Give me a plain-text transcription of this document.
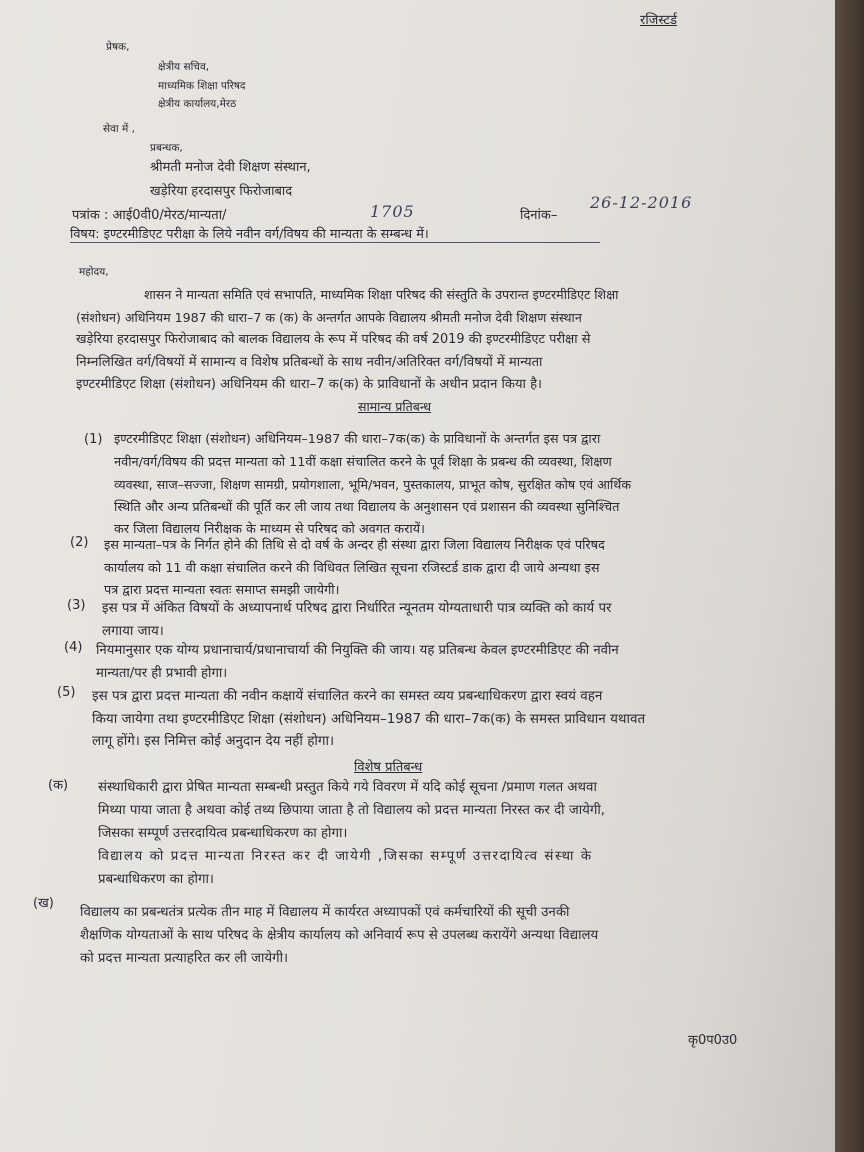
रजिस्टर्ड
प्रेषक,
क्षेत्रीय सचिव,
माध्यमिक शिक्षा परिषद
क्षेत्रीय कार्यालय,मेरठ
सेवा में ,
प्रबन्धक,
श्रीमती मनोज देवी शिक्षण संस्थान,
खड़ेरिया हरदासपुर फिरोजाबाद
पत्रांक : आई0वी0/मेरठ/मान्यता/	1705	दिनांक–
26-12-2016
विषय: इण्टरमीडिएट परीक्षा के लिये नवीन वर्ग/विषय की मान्यता के सम्बन्ध में।
महोदय,
शासन ने मान्यता समिति एवं सभापति, माध्यमिक शिक्षा परिषद की संस्तुति के उपरान्त इण्टरमीडिएट शिक्षा
(संशोधन) अधिनियम 1987 की धारा–7 क (क) के अन्तर्गत आपके विद्यालय श्रीमती मनोज देवी शिक्षण संस्थान
खड़ेरिया हरदासपुर फिरोजाबाद को बालक विद्यालय के रूप में परिषद की वर्ष 2019 की इण्टरमीडिएट परीक्षा से
निम्नलिखित वर्ग/विषयों में सामान्य व विशेष प्रतिबन्धों के साथ नवीन/अतिरिक्त वर्ग/विषयों में मान्यता
इण्टरमीडिएट शिक्षा (संशोधन) अधिनियम की धारा–7 क(क) के प्राविधानों के अधीन प्रदान किया है।
सामान्य प्रतिबन्ध
(1) इण्टरमीडिएट शिक्षा (संशोधन) अधिनियम–1987 की धारा–7क(क) के प्राविधानों के अन्तर्गत इस पत्र द्वारा
नवीन/वर्ग/विषय की प्रदत्त मान्यता को 11वीं कक्षा संचालित करने के पूर्व शिक्षा के प्रबन्ध की व्यवस्था, शिक्षण
व्यवस्था, साज–सज्जा, शिक्षण सामग्री, प्रयोगशाला, भूमि/भवन, पुस्तकालय, प्राभूत कोष, सुरक्षित कोष एवं आर्थिक
स्थिति और अन्य प्रतिबन्धों की पूर्ति कर ली जाय तथा विद्यालय के अनुशासन एवं प्रशासन की व्यवस्था सुनिश्चित
कर जिला विद्यालय निरीक्षक के माध्यम से परिषद को अवगत करायें।
(2) इस मान्यता–पत्र के निर्गत होने की तिथि से दो वर्ष के अन्दर ही संस्था द्वारा जिला विद्यालय निरीक्षक एवं परिषद
कार्यालय को 11 वी कक्षा संचालित करने की विधिवत लिखित सूचना रजिस्टर्ड डाक द्वारा दी जाये अन्यथा इस
पत्र द्वारा प्रदत्त मान्यता स्वतः समाप्त समझी जायेगी।
(3) इस पत्र में अंकित विषयों के अध्यापनार्थ परिषद द्वारा निर्धारित न्यूनतम योग्यताधारी पात्र व्यक्ति को कार्य पर
लगाया जाय।
(4) नियमानुसार एक योग्य प्रधानाचार्य/प्रधानाचार्या की नियुक्ति की जाय। यह प्रतिबन्ध केवल इण्टरमीडिएट की नवीन
मान्यता/पर ही प्रभावी होगा।
(5) इस पत्र द्वारा प्रदत्त मान्यता की नवीन कक्षायें संचालित करने का समस्त व्यय प्रबन्धाधिकरण द्वारा स्वयं वहन
किया जायेगा तथा इण्टरमीडिएट शिक्षा (संशोधन) अधिनियम–1987 की धारा–7क(क) के समस्त प्राविधान यथावत
लागू होंगे। इस निमित्त कोई अनुदान देय नहीं होगा।
विशेष प्रतिबन्ध
(क) संस्थाधिकारी द्वारा प्रेषित मान्यता सम्बन्धी प्रस्तुत किये गये विवरण में यदि कोई सूचना /प्रमाण गलत अथवा
मिथ्या पाया जाता है अथवा कोई तथ्य छिपाया जाता है तो विद्यालय को प्रदत्त मान्यता निरस्त कर दी जायेगी,
जिसका सम्पूर्ण उत्तरदायित्व प्रबन्धाधिकरण का होगा।
विद्यालय को प्रदत्त मान्यता निरस्त कर दी जायेगी ,जिसका सम्पूर्ण उत्तरदायित्व संस्था के
प्रबन्धाधिकरण का होगा।
(ख)
विद्यालय का प्रबन्धतंत्र प्रत्येक तीन माह में विद्यालय में कार्यरत अध्यापकों एवं कर्मचारियों की सूची उनकी
शैक्षणिक योग्यताओं के साथ परिषद के क्षेत्रीय कार्यालय को अनिवार्य रूप से उपलब्ध करायेंगे अन्यथा विद्यालय
को प्रदत्त मान्यता प्रत्याहरित कर ली जायेगी।
कृ0प0उ0
